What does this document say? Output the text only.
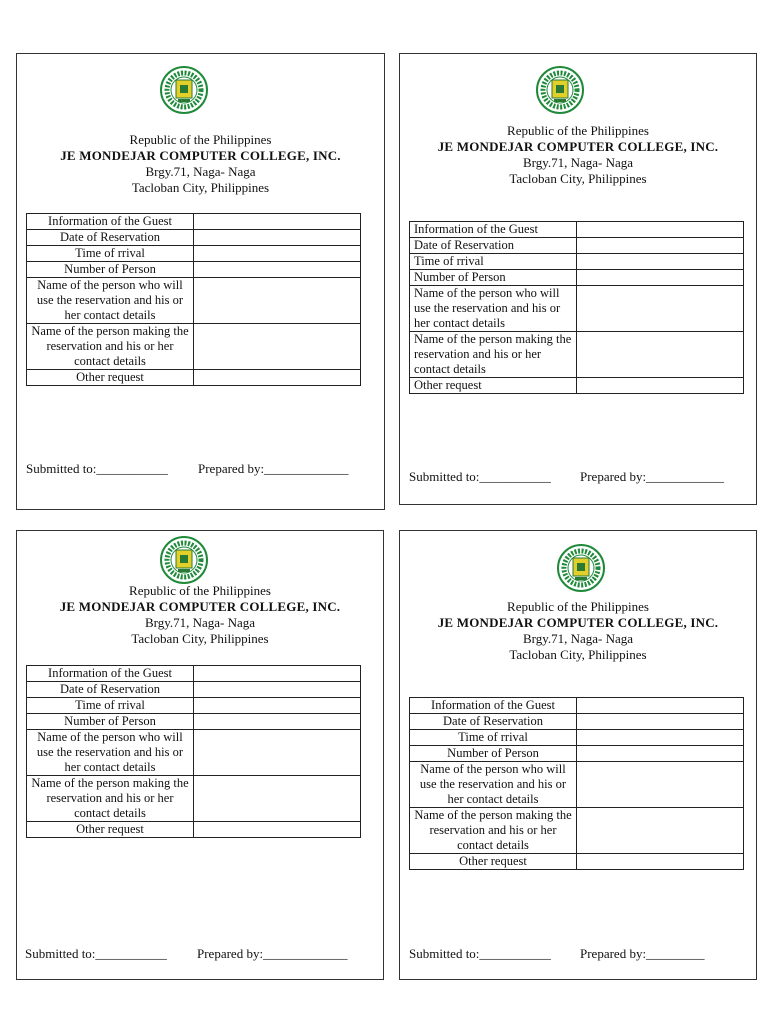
Republic of the Philippines
JE MONDEJAR COMPUTER COLLEGE, INC.
Brgy.71, Naga- Naga
Tacloban City, Philippines
Information of the Guest	
Date of Reservation	
Time of rrival	
Number of Person	
Name of the person who will use the reservation and his or her contact details	
Name of the person making the reservation and his or her contact details	
Other request	
Submitted to:___________ Prepared by:_____________
Republic of the Philippines
JE MONDEJAR COMPUTER COLLEGE, INC.
Brgy.71, Naga- Naga
Tacloban City, Philippines
Information of the Guest	
Date of Reservation	
Time of rrival	
Number of Person	
Name of the person who will use the reservation and his or her contact details	
Name of the person making the reservation and his or her contact details	
Other request	
Submitted to:___________ Prepared by:____________
Republic of the Philippines
JE MONDEJAR COMPUTER COLLEGE, INC.
Brgy.71, Naga- Naga
Tacloban City, Philippines
Information of the Guest	
Date of Reservation	
Time of rrival	
Number of Person	
Name of the person who will use the reservation and his or her contact details	
Name of the person making the reservation and his or her contact details	
Other request	
Submitted to:___________ Prepared by:_____________
Republic of the Philippines
JE MONDEJAR COMPUTER COLLEGE, INC.
Brgy.71, Naga- Naga
Tacloban City, Philippines
Information of the Guest	
Date of Reservation	
Time of rrival	
Number of Person	
Name of the person who will use the reservation and his or her contact details	
Name of the person making the reservation and his or her contact details	
Other request	
Submitted to:___________ Prepared by:_________
